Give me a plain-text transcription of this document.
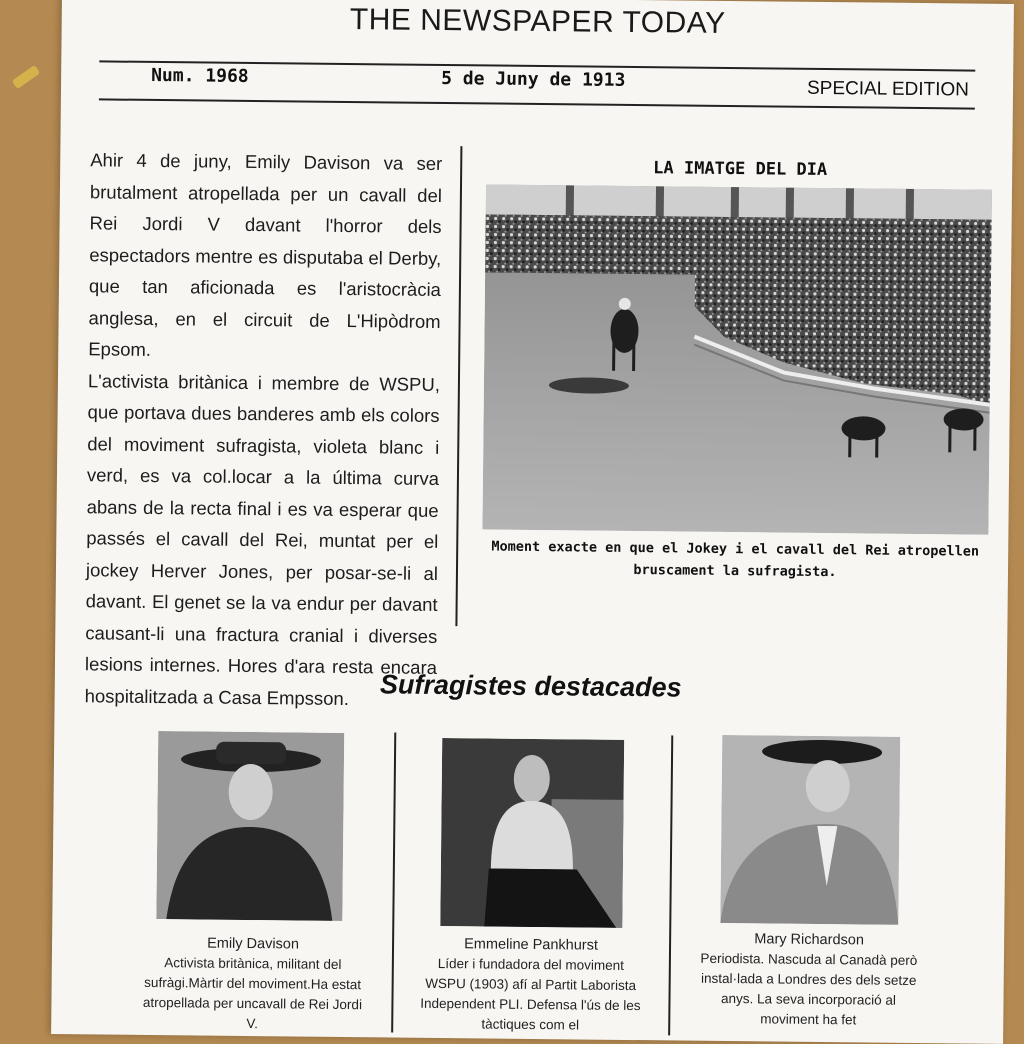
THE NEWSPAPER TODAY
Num. 1968	5 de Juny de 1913	SPECIAL EDITION

Ahir 4 de juny, Emily Davison va ser brutalment atropellada per un cavall del Rei Jordi V davant l'horror dels espectadors mentre es disputaba el Derby, que tan aficionada es l'aristocràcia anglesa, en el circuit de L'Hipòdrom Epsom.

L'activista britànica i membre de WSPU, que portava dues banderes amb els colors del moviment sufragista, violeta blanc i verd, es va col.locar a la última curva abans de la recta final i es va esperar que passés el cavall del Rei, muntat per el jockey Herver Jones, per posar-se-li al davant. El genet se la va endur per davant causant-li una fractura cranial i diverses lesions internes. Hores d'ara resta encara hospitalitzada a Casa Empsson.

LA IMATGE DEL DIA
Moment exacte en que el Jokey i el cavall del Rei atropellen bruscament la sufragista.
Sufragistes destacades
Emily Davison
Activista britànica, militant del sufràgi.Màrtir del moviment.Ha estat atropellada per uncavall de Rei Jordi V.
Emmeline Pankhurst
Líder i fundadora del moviment WSPU (1903) afí al Partit Laborista Independent PLI. Defensa l'ús de les tàctiques com el
Mary Richardson
Periodista. Nascuda al Canadà però instal·lada a Londres des dels setze anys. La seva incorporació al moviment ha fet
